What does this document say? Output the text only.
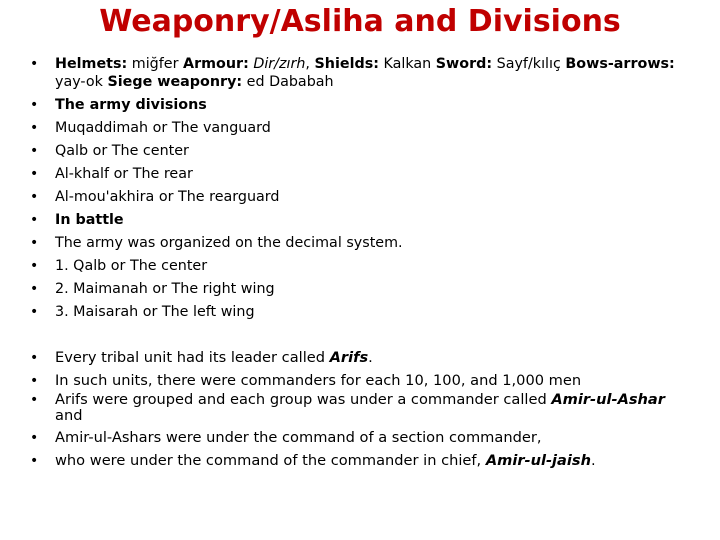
Weaponry/Asliha and Divisions
• Helmets: miğfer Armour: Dir/zırh, Shields: Kalkan Sword: Sayf/kılıç Bows-arrows: yay-ok Siege weaponry: ed Dababah
• The army divisions
• Muqaddimah or The vanguard
• Qalb or The center
• Al-khalf or The rear
• Al-mou'akhira or The rearguard
• In battle
• The army was organized on the decimal system.
• 1. Qalb or The center
• 2. Maimanah or The right wing
• 3. Maisarah or The left wing
• Every tribal unit had its leader called Arifs.
• In such units, there were commanders for each 10, 100, and 1,000 men
• Arifs were grouped and each group was under a commander called Amir-ul-Ashar and
• Amir-ul-Ashars were under the command of a section commander,
• who were under the command of the commander in chief, Amir-ul-jaish.
